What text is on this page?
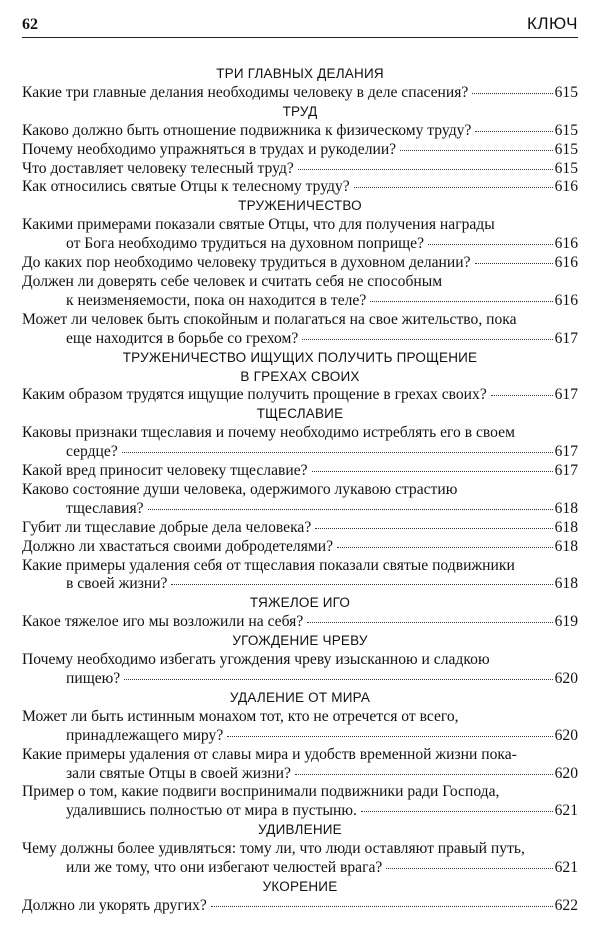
62	КЛЮЧ
ТРИ ГЛАВНЫХ ДЕЛАНИЯ
Какие три главные делания необходимы человеку в деле спасения?	615
ТРУД
Каково должно быть отношение подвижника к физическому труду?	615
Почему необходимо упражняться в трудах и рукоделии?	615
Что доставляет человеку телесный труд?	615
Как относились святые Отцы к телесному труду?	616
ТРУЖЕНИЧЕСТВО
Какими примерами показали святые Отцы, что для получения награды
от Бога необходимо трудиться на духовном поприще?	616
До каких пор необходимо человеку трудиться в духовном делании?	616
Должен ли доверять себе человек и считать себя не способным
к неизменяемости, пока он находится в теле?	616
Может ли человек быть спокойным и полагаться на свое жительство, пока
еще находится в борьбе со грехом?	617
ТРУЖЕНИЧЕСТВО ИЩУЩИХ ПОЛУЧИТЬ ПРОЩЕНИЕ
В ГРЕХАХ СВОИХ
Каким образом трудятся ищущие получить прощение в грехах своих?	617
ТЩЕСЛАВИЕ
Каковы признаки тщеславия и почему необходимо истреблять его в своем
сердце?	617
Какой вред приносит человеку тщеславие?	617
Каково состояние души человека, одержимого лукавою страстию
тщеславия?	618
Губит ли тщеславие добрые дела человека?	618
Должно ли хвастаться своими добродетелями?	618
Какие примеры удаления себя от тщеславия показали святые подвижники
в своей жизни?	618
ТЯЖЕЛОЕ ИГО
Какое тяжелое иго мы возложили на себя?	619
УГОЖДЕНИЕ ЧРЕВУ
Почему необходимо избегать угождения чреву изысканною и сладкою
пищею?	620
УДАЛЕНИЕ ОТ МИРА
Может ли быть истинным монахом тот, кто не отречется от всего,
принадлежащего миру?	620
Какие примеры удаления от славы мира и удобств временной жизни пока-
зали святые Отцы в своей жизни?	620
Пример о том, какие подвиги воспринимали подвижники ради Господа,
удалившись полностью от мира в пустыню.	621
УДИВЛЕНИЕ
Чему должны более удивляться: тому ли, что люди оставляют правый путь,
или же тому, что они избегают челюстей врага?	621
УКОРЕНИЕ
Должно ли укорять других?	622
